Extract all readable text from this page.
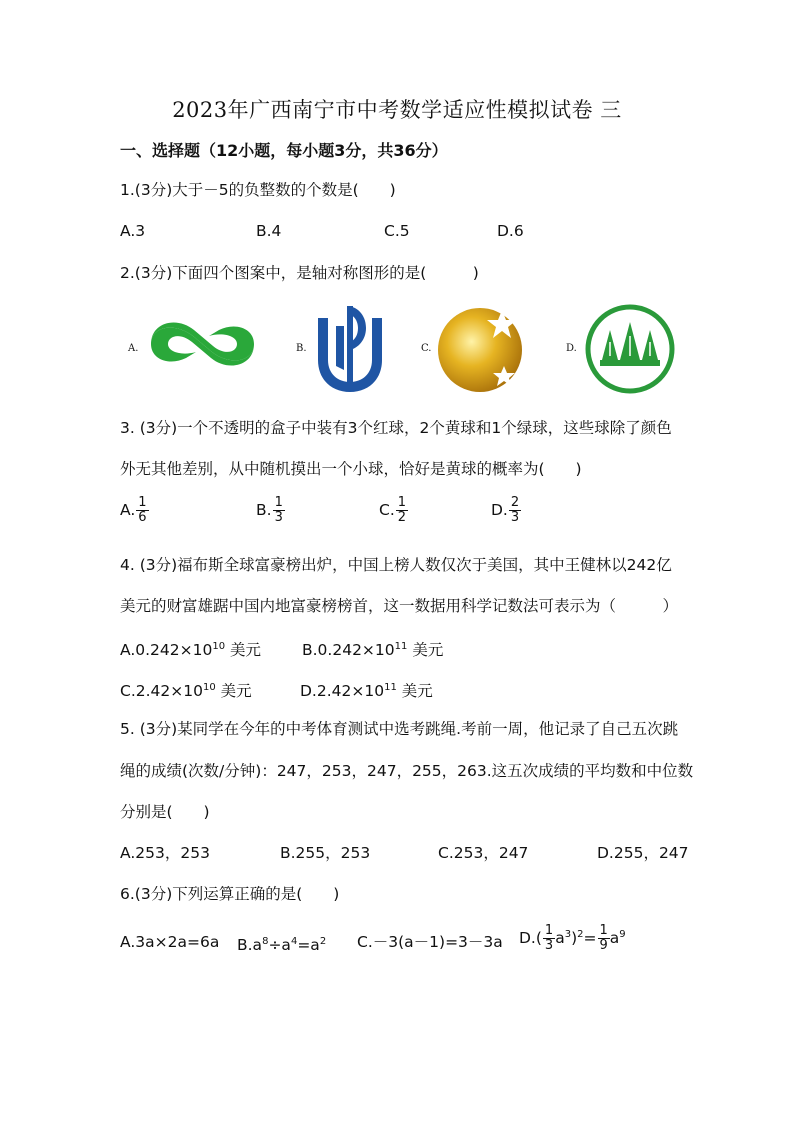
2023年广西南宁市中考数学适应性模拟试卷 三
一、选择题（12小题，每小题3分，共36分）
1.(3分)大于－5的负整数的个数是(　　)
A.3	B.4	C.5	D.6
2.(3分)下面四个图案中，是轴对称图形的是(　　　)
A.	B.	C.	D.
3. (3分)一个不透明的盒子中装有3个红球，2个黄球和1个绿球，这些球除了颜色
外无其他差别，从中随机摸出一个小球，恰好是黄球的概率为(　　)
A. $\frac{1}{6}$	B. $\frac{1}{3}$	C. $\frac{1}{2}$	D. $\frac{2}{3}$
4. (3分)福布斯全球富豪榜出炉，中国上榜人数仅次于美国，其中王健林以242亿
美元的财富雄踞中国内地富豪榜榜首，这一数据用科学记数法可表示为（　　　）
$A.0.242\times 10^{10}$ 美元	$B.0.242\times 10^{11}$ 美元
$C.2.42\times 10^{10}$ 美元	$D.2.42\times 10^{11}$ 美元
5. (3分)某同学在今年的中考体育测试中选考跳绳.考前一周，他记录了自己五次跳
绳的成绩(次数/分钟)：247，253，247，255，263.这五次成绩的平均数和中位数
分别是(　　)
A.253，253	B.255，253	C.253，247	D.255，247
6.(3分)下列运算正确的是(　　)
A.3a×2a=6a $B.a^8\div a^4=a^2$ C.－3(a－1)=3－3a $D.( \frac{1}{3} a^3)^2= \frac{1}{9} a^9$
